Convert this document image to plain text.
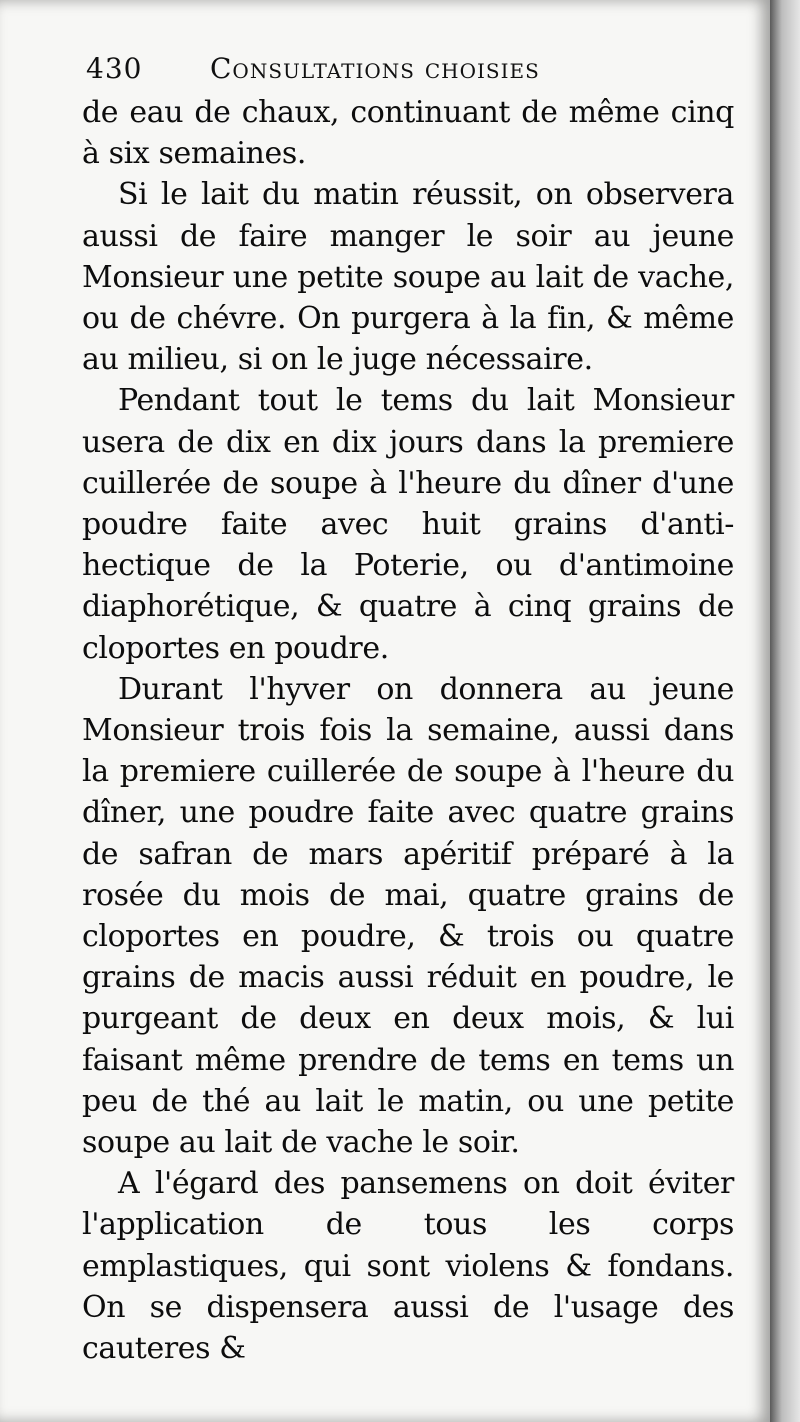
430 Consultations choisies

de eau de chaux, continuant de même cinq à six semaines.

Si le lait du matin réussit, on observera aussi de faire manger le soir au jeune Monsieur une petite soupe au lait de vache, ou de chévre. On purgera à la fin, & même au milieu, si on le juge nécessaire.

Pendant tout le tems du lait Monsieur usera de dix en dix jours dans la premiere cuillerée de soupe à l'heure du dîner d'une poudre faite avec huit grains d'anti-hectique de la Poterie, ou d'antimoine diaphorétique, & quatre à cinq grains de cloportes en poudre.

Durant l'hyver on donnera au jeune Monsieur trois fois la semaine, aussi dans la premiere cuillerée de soupe à l'heure du dîner, une poudre faite avec quatre grains de safran de mars apéritif préparé à la rosée du mois de mai, quatre grains de cloportes en poudre, & trois ou quatre grains de macis aussi réduit en poudre, le purgeant de deux en deux mois, & lui faisant même prendre de tems en tems un peu de thé au lait le matin, ou une petite soupe au lait de vache le soir.

A l'égard des pansemens on doit éviter l'application de tous les corps emplastiques, qui sont violens & fondans. On se dispensera aussi de l'usage des cauteres &
